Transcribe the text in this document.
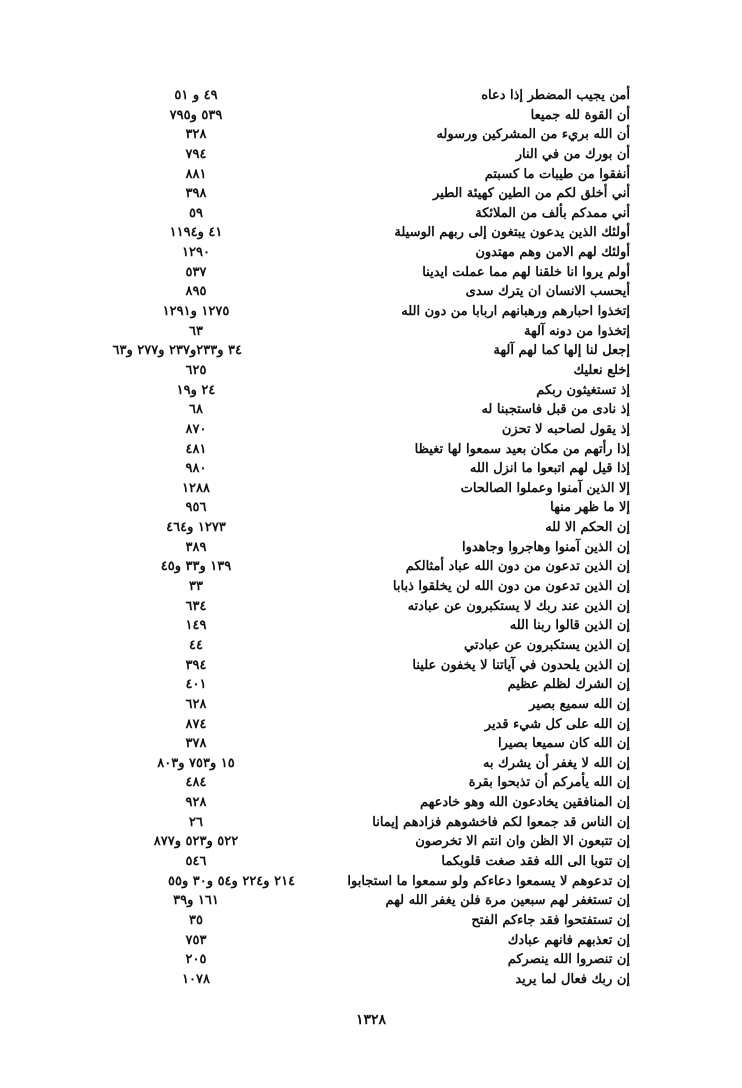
أمن يجيب المضطر إذا دعاه
٤٩ و ٥١
أن القوة لله جميعا
٥٣٩ و٧٩٥
أن الله بريء من المشركين ورسوله
٣٢٨
أن بورك من في النار
٧٩٤
أنفقوا من طيبات ما كسبتم
٨٨١
أني أخلق لكم من الطين كهيئة الطير
٣٩٨
أني ممدكم بألف من الملائكة
٥٩
أولئك الذين يدعون يبتغون إلى ربهم الوسيلة
٤١ و١١٩٤
أولئك لهم الامن وهم مهتدون
١٢٩٠
أولم يروا انا خلقنا لهم مما عملت ايدينا
٥٣٧
أيحسب الانسان ان يترك سدى
٨٩٥
إتخذوا احبارهم ورهبانهم اربابا من دون الله
١٢٧٥ و١٢٩١
إتخذوا من دونه آلهة
٦٣
إجعل لنا إلها كما لهم آلهة
٣٤ و٢٣٣و٢٣٧ و٢٧٧ و٦٣
إخلع نعليك
٦٢٥
إذ تستغيثون ربكم
٢٤ و١٩
إذ نادى من قبل فاستجبنا له
٦٨
إذ يقول لصاحبه لا تحزن
٨٧٠
إذا رأتهم من مكان بعيد سمعوا لها تغيظا
٤٨١
إذا قيل لهم اتبعوا ما انزل الله
٩٨٠
إلا الذين آمنوا وعملوا الصالحات
١٢٨٨
إلا ما ظهر منها
٩٥٦
إن الحكم الا لله
١٢٧٣ و٤٦٤
إن الذين آمنوا وهاجروا وجاهدوا
٣٨٩
إن الذين تدعون من دون الله عباد أمثالكم
١٣٩ و٣٣ و٤٥
إن الذين تدعون من دون الله لن يخلقوا ذبابا
٣٣
إن الذين عند ربك لا يستكبرون عن عبادته
٦٣٤
إن الذين قالوا ربنا الله
١٤٩
إن الذين يستكبرون عن عبادتي
٤٤
إن الذين يلحدون في آياتنا لا يخفون علينا
٣٩٤
إن الشرك لظلم عظيم
٤٠١
إن الله سميع بصير
٦٢٨
إن الله على كل شيء قدير
٨٧٤
إن الله كان سميعا بصيرا
٣٧٨
إن الله لا يغفر أن يشرك به
١٥ و٧٥٣ و٨٠٣
إن الله يأمركم أن تذبحوا بقرة
٤٨٤
إن المنافقين يخادعون الله وهو خادعهم
٩٢٨
إن الناس قد جمعوا لكم فاخشوهم فزادهم إيمانا
٢٦
إن تتبعون الا الظن وان انتم الا تخرصون
٥٢٢ و٥٢٣ و٨٧٧
إن تتوبا الى الله فقد صغت قلوبكما
٥٤٦
إن تدعوهم لا يسمعوا دعاءكم ولو سمعوا ما استجابوا
٢١٤ و٢٢٤ و٥٤ و٣٠ و٥٥
إن تستغفر لهم سبعين مرة فلن يغفر الله لهم
١٦١ و٣٩
إن تستفتحوا فقد جاءكم الفتح
٣٥
إن تعذبهم فانهم عبادك
٧٥٣
إن تنصروا الله ينصركم
٢٠٥
إن ربك فعال لما يريد
١٠٧٨
١٣٢٨
